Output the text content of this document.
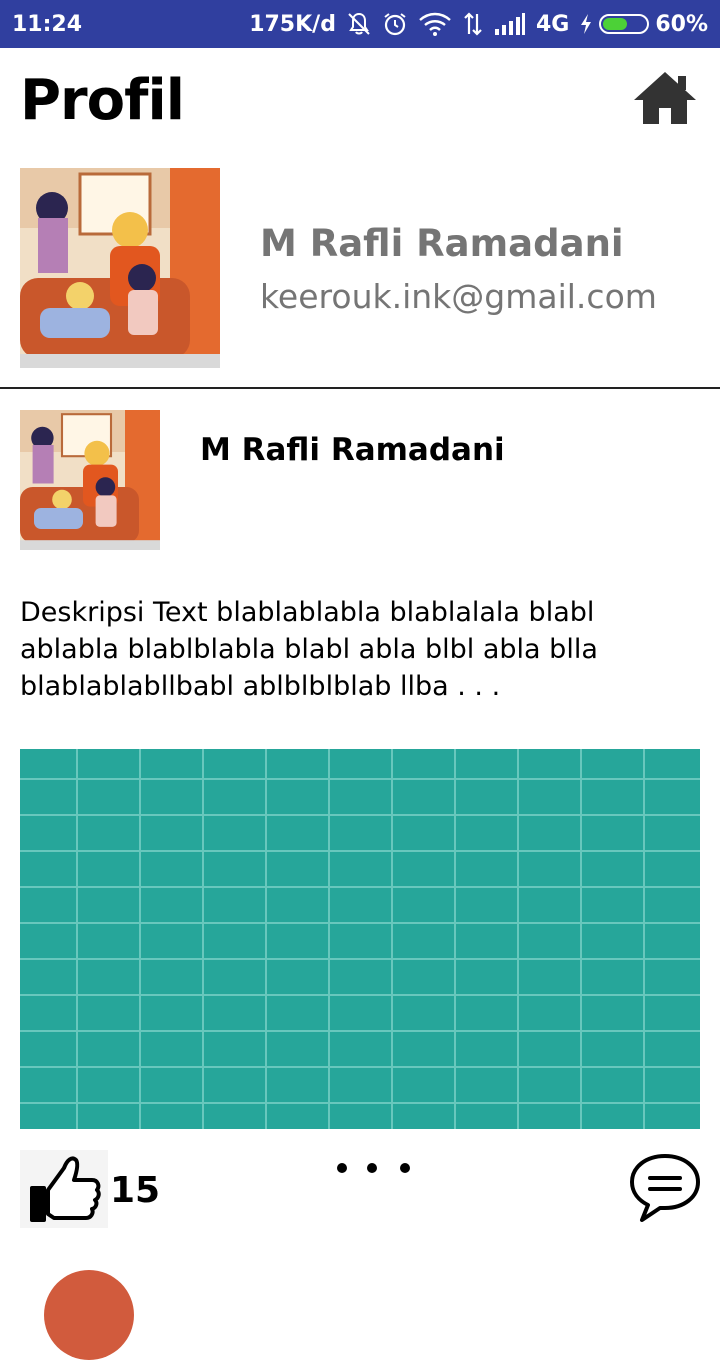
11:24	175K/d	4G	60%
Profil
M Rafli Ramadani
keerouk.ink@gmail.com
M Rafli Ramadani
Deskripsi Text blablablabla blablalala blabl ablabla blablblabla blabl abla blbl abla blla blablablabllbabl ablblblblab llba . . .
15
